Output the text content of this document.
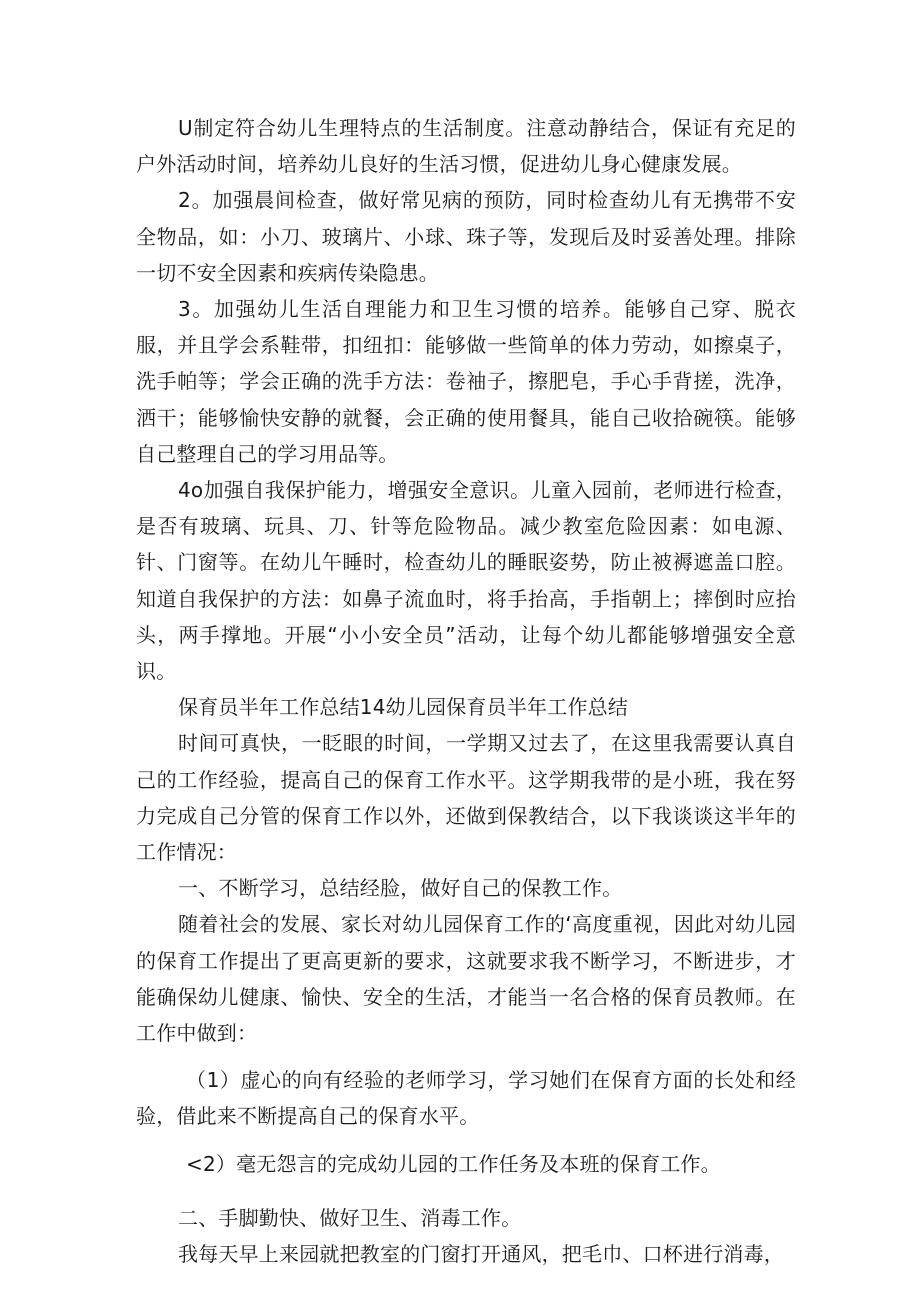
U制定符合幼儿生理特点的生活制度。注意动静结合，保证有充足的户外活动时间，培养幼儿良好的生活习惯，促进幼儿身心健康发展。

2。加强晨间检查，做好常见病的预防，同时检查幼儿有无携带不安全物品，如：小刀、玻璃片、小球、珠子等，发现后及时妥善处理。排除一切不安全因素和疾病传染隐患。

3。加强幼儿生活自理能力和卫生习惯的培养。能够自己穿、脱衣服，并且学会系鞋带，扣纽扣：能够做一些简单的体力劳动，如擦桌子，洗手帕等；学会正确的洗手方法：卷袖子，擦肥皂，手心手背搓，洗净，洒干；能够愉快安静的就餐，会正确的使用餐具，能自己收拾碗筷。能够自己整理自己的学习用品等。

4o加强自我保护能力，增强安全意识。儿童入园前，老师进行检查，是否有玻璃、玩具、刀、针等危险物品。减少教室危险因素：如电源、针、门窗等。在幼儿午睡时，检查幼儿的睡眠姿势，防止被褥遮盖口腔。知道自我保护的方法：如鼻子流血时，将手抬高，手指朝上；摔倒时应抬头，两手撑地。开展“小小安全员”活动，让每个幼儿都能够增强安全意识。

保育员半年工作总结14幼儿园保育员半年工作总结

时间可真快，一眨眼的时间，一学期又过去了，在这里我需要认真自己的工作经验，提高自己的保育工作水平。这学期我带的是小班，我在努力完成自己分管的保育工作以外，还做到保教结合，以下我谈谈这半年的工作情况：

一、不断学习，总结经脸，做好自己的保教工作。

随着社会的发展、家长对幼儿园保育工作的‘高度重视，因此对幼儿园的保育工作提出了更高更新的要求，这就要求我不断学习，不断进步，才能确保幼儿健康、愉快、安全的生活，才能当一名合格的保育员教师。在工作中做到：

（1）虚心的向有经验的老师学习，学习她们在保育方面的长处和经验，借此来不断提高自己的保育水平。

<2）毫无怨言的完成幼儿园的工作任务及本班的保育工作。

二、手脚勤快、做好卫生、消毒工作。

我每天早上来园就把教室的门窗打开通风，把毛巾、口杯进行消毒，
